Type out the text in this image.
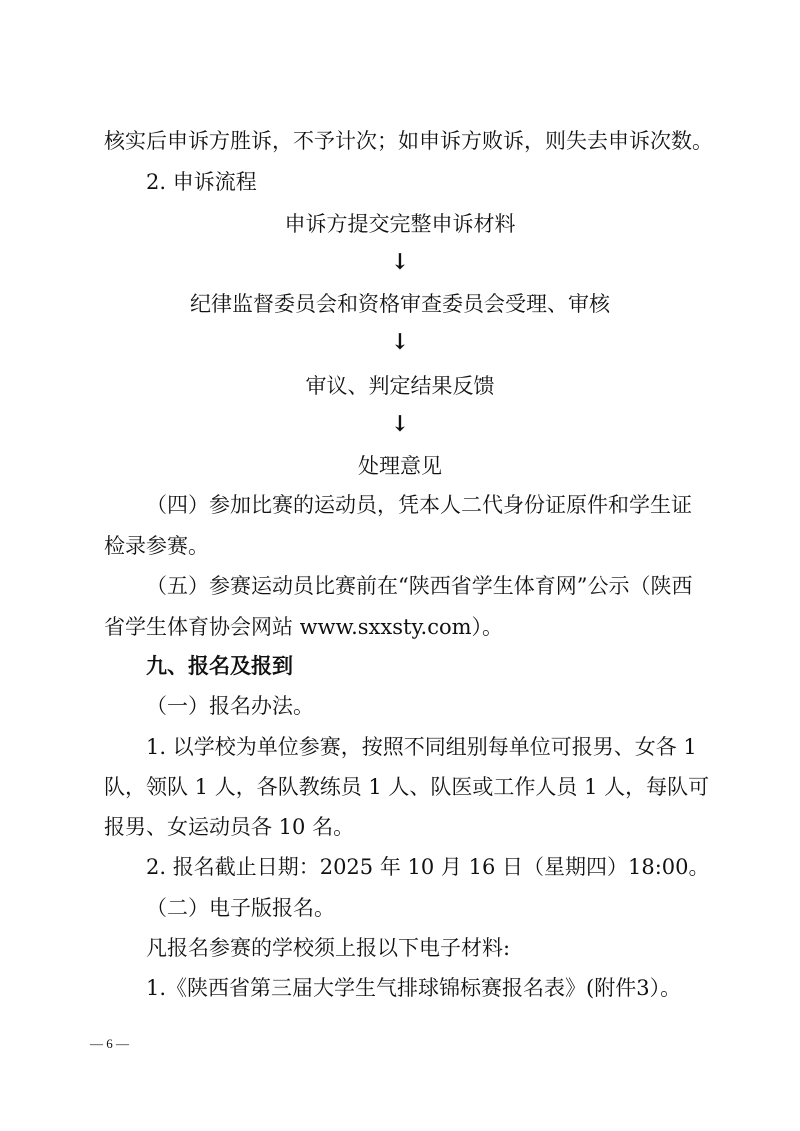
核实后申诉方胜诉，不予计次；如申诉方败诉，则失去申诉次数。
2. 申诉流程
申诉方提交完整申诉材料
↓
纪律监督委员会和资格审查委员会受理、审核
↓
审议、判定结果反馈
↓
处理意见
（四）参加比赛的运动员，凭本人二代身份证原件和学生证
检录参赛。
（五）参赛运动员比赛前在“陕西省学生体育网”公示（陕西
省学生体育协会网站 www.sxxsty.com）。
九、报名及报到
（一）报名办法。
1. 以学校为单位参赛，按照不同组别每单位可报男、女各 1
队，领队 1 人，各队教练员 1 人、队医或工作人员 1 人，每队可
报男、女运动员各 10 名。
2. 报名截止日期：2025 年 10 月 16 日（星期四）18:00。
（二）电子版报名。
凡报名参赛的学校须上报以下电子材料:
1.《陕西省第三届大学生气排球锦标赛报名表》(附件3）。
— 6 —
